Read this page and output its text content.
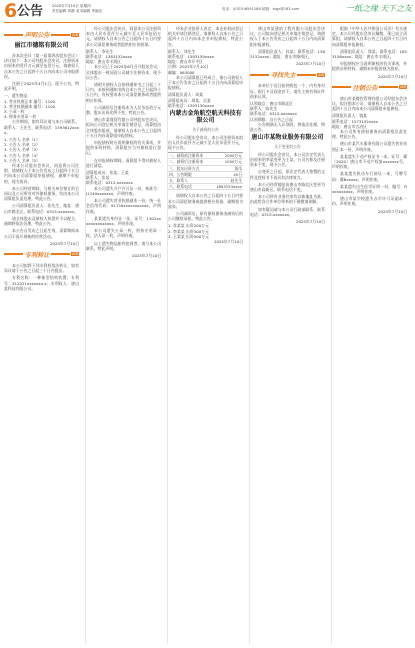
6 公告 2025年7月10日 星期四
责任编辑 刘静 美术编辑 李晓光	电话：(0315)6591288 邮箱：tsgz@163.com	一纸之缘 天下之友
声明公告	AIR
丽江市德铭有限公司
首本次会议（第一届第四次股东会议）决议如下：本公司经股东会决议，注册资本由原来的壹仟万元减至伍佰万元，请债权人自本公告之日起四十五日内向本公司申报债权。
注册于2025年4月1日，现予公告，特此声明。
一、遗失物品：
1. 营业执照正本 编号：1100
2. 营业执照副本 编号：1100
3. 公章一枚
4. 财务专用章一枚
公告期间，如有异议请与本公司联系。联系人：王先生，联系电话：1593612xxxx。
1. 公告人 名单（1）
2. 公告人 名单（2）
3. 公告人 名单（3）
4. 公告人 名单（4）
5. 公告人 名单（5）
经本公司股东会决议，同意将公司注销，请债权人于本公告发布之日起四十五日内向本公司清算组申报债权，逾期不申报的，视为放弃。
本公司经营期间，与相关单位签订的合同以及公司所有对外债权债务，均由本公司清算组负责处理，特此公告。
公司清算组负责人：张先生，地址：唐山市路北区，联系电话：0315-xxxxxxx。
请全体股东及债权人知悉并予以配合，逾期将依法处理，特此公告。
本公告自发布之日起生效，清算期间本公司不再开展新的经营活动。
2025年7月10日
专利转让	AIR
本公司拟将下列专利权依法转让，如有异议请于公告之日起三十日内提出。
专利名称：一种新型结构装置；专利号：ZL2021xxxxxxx.x；专利权人：唐山某科技有限公司。
经公司股东会决议，同意本公司注册资本由人民币壹仟万元减少至人民币伍佰万元，请债权人自本公告之日起四十五日内要求公司清偿债务或者提供相应的担保。
联系人：李先生
联系电话：1383152xxxx
地址：唐山市丰润区
本公司已于2025年6月召开股东会议，全体股东一致同意公司减少注册资本，现予以公告。
请相关债权人自接到通知书之日起三十日内，未接到通知书的自本公告之日起四十五日内，有权要求本公司清偿债务或者提供相应担保。
公司减资后注册资本为人民币伍佰万元整，股东出资比例不变，特此公告。
唐山市某商贸有限公司经股东会决议，拟向公司登记机关申请注销登记，清算组由全体股东组成，请债权人自本公告之日起四十五日内向清算组申报债权。
申报债权时应说明债权的有关事项，并提供证明材料，清算组应当对债权进行登记。
在申报债权期间，清算组不得对债权人进行清偿。
清算组成员：张某、王某
联系人：张某
联系电话：0315-xxxxxxx
本公司遗失开户许可证一份，核准号：J1240xxxxxxx，声明作废。
本公司遗失营业执照副本一份，统一社会信用代码：91130xxxxxxxxxxx，声明作废。
某某遗失身份证一张，证号：1302xxxxxxxxxxxxxx，声明作废。
本公司遗失公章一枚、财务专用章一枚、法人章一枚，声明作废。
以上遗失物品如有拾到者，请与本公司联系，特此声明。
2025年7月10日
经本企业投资人决定，本企业拟向登记机关申请注销登记，请债权人自本公告之日起四十五日内向本企业申报债权，特此公告。
联系人：刘先生
联系电话：1583159xxxx
地址：唐山市开平区
日期：2025年7月10日
邮编：063000
本公司清算组已经成立，请公司债权人于本公告发布之日起四十五日内向清算组申报债权。
清算组负责人：周某
清算组成员：周某、吴某
联系电话：1393150xxxx
内蒙古金角航空航天科技有限公司
关于减资的公告
经公司股东会决议，本公司注册资本拟由人民币贰仟万元减少至人民币壹仟万元，现予公告。
一、减资前注册资本	2000万元
二、减资后注册资本	1000万元
三、股东出资方式	货币
四、公告期限	45日
五、联系人	赵先生
六、联系电话	1893153xxxx
请债权人自本公告之日起四十五日内要求公司清偿债务或提供相应担保，逾期视为放弃。
公司减资后，原有债权债务由减资后的公司继续承担，特此公告。
1. 张某某 出资200万元
2. 李某某 出资300万元
3. 王某某 出资500万元
2025年7月10日
唐山市某建筑工程有限公司股东会决议，公司拟向登记机关申请注销登记，请债权人于本公告发布之日起四十五日内向清算组申报债权。
清算组负责人：孙某；联系电话：1363152xxxx；地址：唐山市路南区。
2025年7月10日
寻找失主	AIR
本单位于近日拾到钱包一个，内有身份证、银行卡及现金若干，请失主持有效证件前来认领。
认领地点：唐山市路北区
联系人：陈先生
联系电话：0315-xxxxxxx
认领期限：自公告之日起
公告期满无人认领的，将依法处理，特此公告。
唐山市某物业服务有限公司
关于变更的公告
经公司股东会决议，本公司法定代表人由原来的李某变更为王某，公司名称及注册资本不变，现予公告。
自变更之日起，原法定代表人签署的文件及授权书不再具有法律效力。
本公司经营地址由唐山市路北区变更为唐山市高新区，联系电话不变。
本公司所有业务往来均以新地址为准，由此给各合作单位带来的不便敬请谅解。
如有疑问请与本公司行政部联系，联系电话：0315-xxxxxxx。
2025年7月10日
根据《中华人民共和国公司法》有关规定，本公司经股东会决议解散，现已成立清算组，请债权人自本公告之日起四十五日内向清算组申报债权。
清算组负责人：郑某；联系电话：1853158xxxx；地址：唐山市丰南区。
申报债权应当说明债权的有关事项，并提供证明材料，逾期未申报的视为放弃。
2025年7月10日
注销公告	AIR
唐山市某餐饮管理有限公司经股东会决议，拟注销本公司，请债权人自本公告之日起四十五日内向本公司清算组申报债权。
清算组负责人：钱某
联系电话：1573152xxxx
地址：唐山市古冶区
本公司所有债权债务由清算组负责处理，特此公告。
唐山市某汽车服务有限公司遗失营业执照正本一份，声明作废。
某某遗失不动产权证书一本，证号：冀（2020）唐山市不动产权第xxxxxxx号，声明作废。
某某遗失机动车行驶证一本，号牌号码：冀Bxxxxx，声明作废。
某某遗失出生医学证明一份，编号：Rxxxxxxxxx，声明作废。
唐山市某学校遗失办学许可证副本一份，声明作废。
2025年7月10日
